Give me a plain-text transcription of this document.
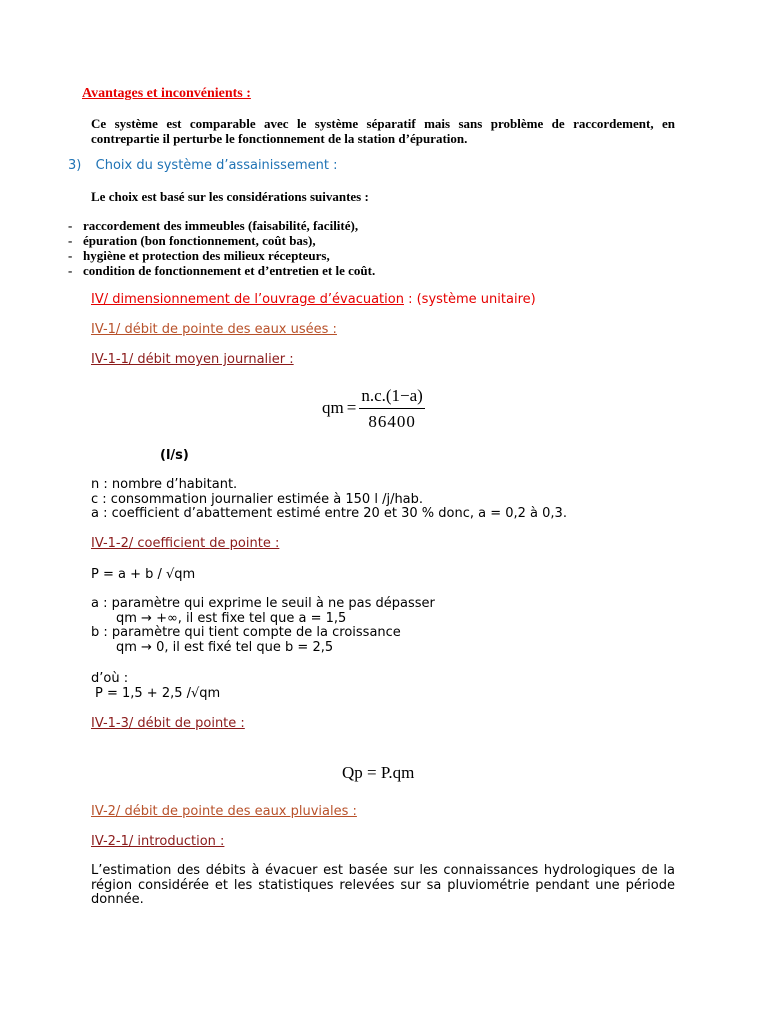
Avantages et inconvénients :
Ce système est comparable avec le système séparatif mais sans problème de raccordement, en contrepartie il perturbe le fonctionnement de la station d’épuration.
3) Choix du système d’assainissement :
Le choix est basé sur les considérations suivantes :
- raccordement des immeubles (faisabilité, facilité),
- épuration (bon fonctionnement, coût bas),
- hygiène et protection des milieux récepteurs,
- condition de fonctionnement et d’entretien et le coût.
IV/ dimensionnement de l’ouvrage d’évacuation : (système unitaire)
IV-1/ débit de pointe des eaux usées :
IV-1-1/ débit moyen journalier :
qm = $\frac{n.c.(1-a)}{86400}$
(l/s)
n : nombre d’habitant.
c : consommation journalier estimée à 150 l /j/hab.
a : coefficient d’abattement estimé entre 20 et 30 % donc, a = 0,2 à 0,3.
IV-1-2/ coefficient de pointe :
P = a + b / √qm
a : paramètre qui exprime le seuil à ne pas dépasser
qm → +∞, il est fixe tel que a = 1,5
b : paramètre qui tient compte de la croissance
qm → 0, il est fixé tel que b = 2,5
d’où :
P = 1,5 + 2,5 /√qm
IV-1-3/ débit de pointe :
Qp = P.qm
IV-2/ débit de pointe des eaux pluviales :
IV-2-1/ introduction :
L’estimation des débits à évacuer est basée sur les connaissances hydrologiques de la région considérée et les statistiques relevées sur sa pluviométrie pendant une période donnée.
